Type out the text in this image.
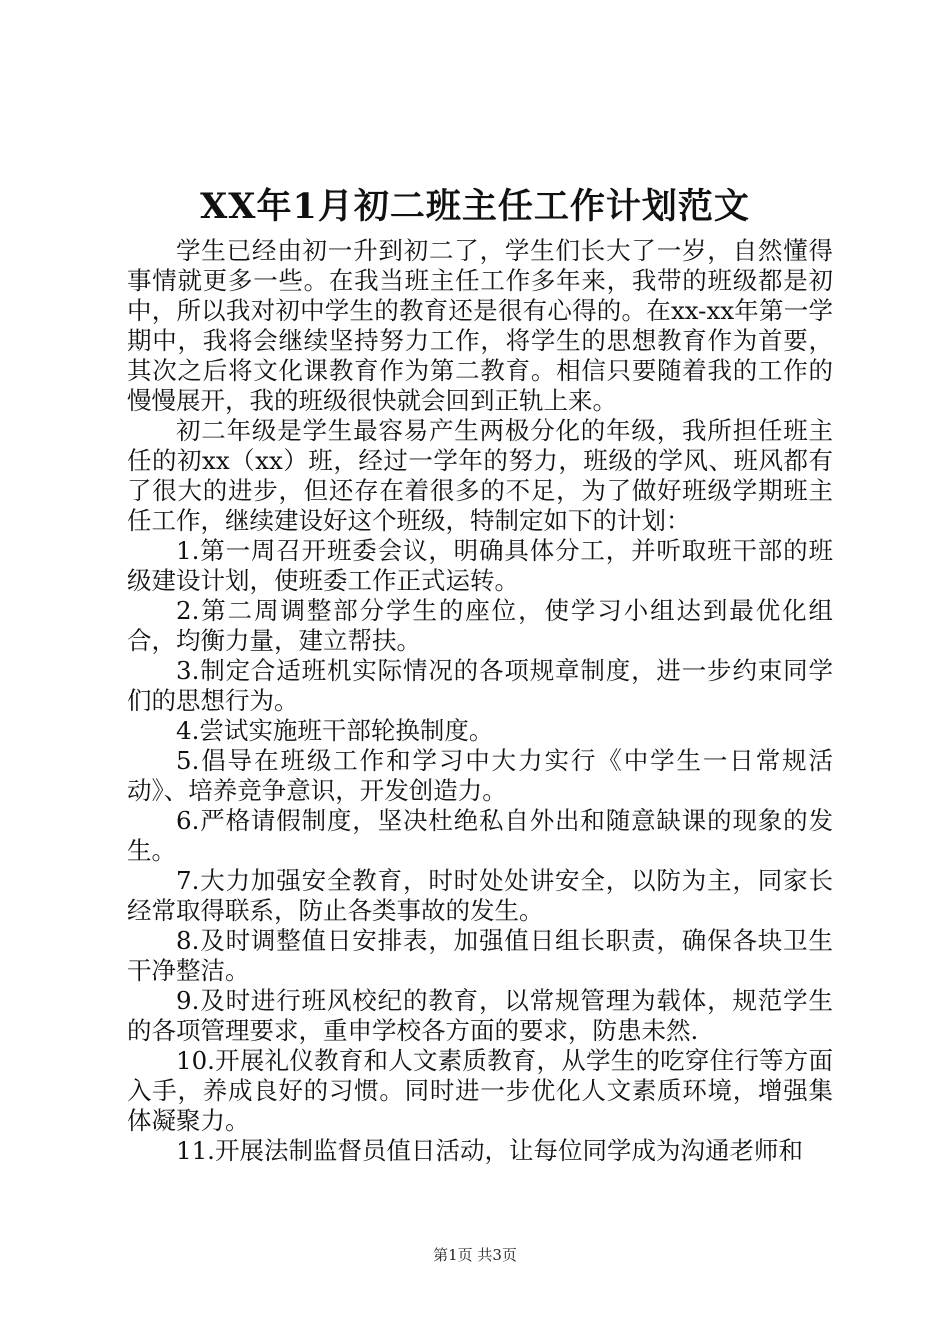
XX年1月初二班主任工作计划范文

学生已经由初一升到初二了，学生们长大了一岁，自然懂得事情就更多一些。在我当班主任工作多年来，我带的班级都是初中，所以我对初中学生的教育还是很有心得的。在xx-xx年第一学期中，我将会继续坚持努力工作，将学生的思想教育作为首要，其次之后将文化课教育作为第二教育。相信只要随着我的工作的慢慢展开，我的班级很快就会回到正轨上来。

初二年级是学生最容易产生两极分化的年级，我所担任班主任的初xx（xx）班，经过一学年的努力，班级的学风、班风都有了很大的进步，但还存在着很多的不足，为了做好班级学期班主任工作，继续建设好这个班级，特制定如下的计划：

1.第一周召开班委会议，明确具体分工，并听取班干部的班级建设计划，使班委工作正式运转。

2.第二周调整部分学生的座位，使学习小组达到最优化组合，均衡力量，建立帮扶。

3.制定合适班机实际情况的各项规章制度，进一步约束同学们的思想行为。

4.尝试实施班干部轮换制度。

5.倡导在班级工作和学习中大力实行《中学生一日常规活动》、培养竞争意识，开发创造力。

6.严格请假制度，坚决杜绝私自外出和随意缺课的现象的发生。

7.大力加强安全教育，时时处处讲安全，以防为主，同家长经常取得联系，防止各类事故的发生。

8.及时调整值日安排表，加强值日组长职责，确保各块卫生干净整洁。

9.及时进行班风校纪的教育，以常规管理为载体，规范学生的各项管理要求，重申学校各方面的要求，防患未然.

10.开展礼仪教育和人文素质教育，从学生的吃穿住行等方面入手，养成良好的习惯。同时进一步优化人文素质环境，增强集体凝聚力。

11.开展法制监督员值日活动，让每位同学成为沟通老师和

第1页 共3页
